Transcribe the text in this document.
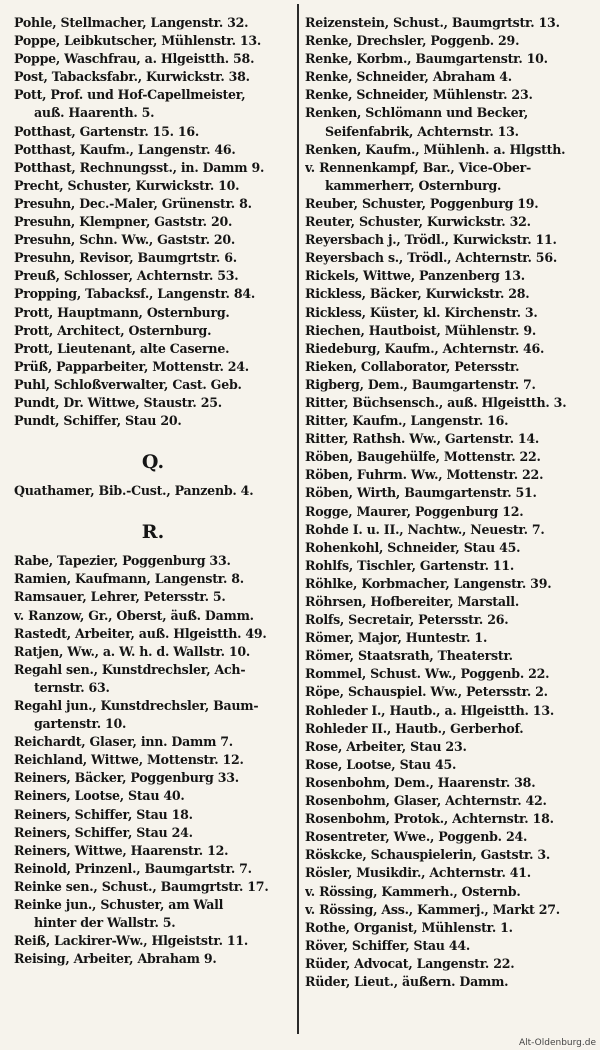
Pohle, Stellmacher, Langenstr. 32.
Poppe, Leibkutscher, Mühlenstr. 13.
Poppe, Waschfrau, a. Hlgeistth. 58.
Post, Tabacksfabr., Kurwickstr. 38.
Pott, Prof. und Hof-Capellmeister,
auß. Haarenth. 5.
Potthast, Gartenstr. 15. 16.
Potthast, Kaufm., Langenstr. 46.
Potthast, Rechnungsst., in. Damm 9.
Precht, Schuster, Kurwickstr. 10.
Presuhn, Dec.-Maler, Grünenstr. 8.
Presuhn, Klempner, Gaststr. 20.
Presuhn, Schn. Ww., Gaststr. 20.
Presuhn, Revisor, Baumgrtstr. 6.
Preuß, Schlosser, Achternstr. 53.
Propping, Tabacksf., Langenstr. 84.
Prott, Hauptmann, Osternburg.
Prott, Architect, Osternburg.
Prott, Lieutenant, alte Caserne.
Prüß, Papparbeiter, Mottenstr. 24.
Puhl, Schloßverwalter, Cast. Geb.
Pundt, Dr. Wittwe, Staustr. 25.
Pundt, Schiffer, Stau 20.
Q.
Quathamer, Bib.-Cust., Panzenb. 4.
R.
Rabe, Tapezier, Poggenburg 33.
Ramien, Kaufmann, Langenstr. 8.
Ramsauer, Lehrer, Petersstr. 5.
v. Ranzow, Gr., Oberst, äuß. Damm.
Rastedt, Arbeiter, auß. Hlgeistth. 49.
Ratjen, Ww., a. W. h. d. Wallstr. 10.
Regahl sen., Kunstdrechsler, Ach-
ternstr. 63.
Regahl jun., Kunstdrechsler, Baum-
gartenstr. 10.
Reichardt, Glaser, inn. Damm 7.
Reichland, Wittwe, Mottenstr. 12.
Reiners, Bäcker, Poggenburg 33.
Reiners, Lootse, Stau 40.
Reiners, Schiffer, Stau 18.
Reiners, Schiffer, Stau 24.
Reiners, Wittwe, Haarenstr. 12.
Reinold, Prinzenl., Baumgartstr. 7.
Reinke sen., Schust., Baumgrtstr. 17.
Reinke jun., Schuster, am Wall
hinter der Wallstr. 5.
Reiß, Lackirer-Ww., Hlgeiststr. 11.
Reising, Arbeiter, Abraham 9.
Reizenstein, Schust., Baumgrtstr. 13.
Renke, Drechsler, Poggenb. 29.
Renke, Korbm., Baumgartenstr. 10.
Renke, Schneider, Abraham 4.
Renke, Schneider, Mühlenstr. 23.
Renken, Schlömann und Becker,
Seifenfabrik, Achternstr. 13.
Renken, Kaufm., Mühlenh. a. Hlgstth.
v. Rennenkampf, Bar., Vice-Ober-
kammerherr, Osternburg.
Reuber, Schuster, Poggenburg 19.
Reuter, Schuster, Kurwickstr. 32.
Reyersbach j., Trödl., Kurwickstr. 11.
Reyersbach s., Trödl., Achternstr. 56.
Rickels, Wittwe, Panzenberg 13.
Rickless, Bäcker, Kurwickstr. 28.
Rickless, Küster, kl. Kirchenstr. 3.
Riechen, Hautboist, Mühlenstr. 9.
Riedeburg, Kaufm., Achternstr. 46.
Rieken, Collaborator, Petersstr.
Rigberg, Dem., Baumgartenstr. 7.
Ritter, Büchsensch., auß. Hlgeistth. 3.
Ritter, Kaufm., Langenstr. 16.
Ritter, Rathsh. Ww., Gartenstr. 14.
Röben, Baugehülfe, Mottenstr. 22.
Röben, Fuhrm. Ww., Mottenstr. 22.
Röben, Wirth, Baumgartenstr. 51.
Rogge, Maurer, Poggenburg 12.
Rohde I. u. II., Nachtw., Neuestr. 7.
Rohenkohl, Schneider, Stau 45.
Rohlfs, Tischler, Gartenstr. 11.
Röhlke, Korbmacher, Langenstr. 39.
Röhrsen, Hofbereiter, Marstall.
Rolfs, Secretair, Petersstr. 26.
Römer, Major, Huntestr. 1.
Römer, Staatsrath, Theaterstr.
Rommel, Schust. Ww., Poggenb. 22.
Röpe, Schauspiel. Ww., Petersstr. 2.
Rohleder I., Hautb., a. Hlgeistth. 13.
Rohleder II., Hautb., Gerberhof.
Rose, Arbeiter, Stau 23.
Rose, Lootse, Stau 45.
Rosenbohm, Dem., Haarenstr. 38.
Rosenbohm, Glaser, Achternstr. 42.
Rosenbohm, Protok., Achternstr. 18.
Rosentreter, Wwe., Poggenb. 24.
Röskcke, Schauspielerin, Gaststr. 3.
Rösler, Musikdir., Achternstr. 41.
v. Rössing, Kammerh., Osternb.
v. Rössing, Ass., Kammerj., Markt 27.
Rothe, Organist, Mühlenstr. 1.
Röver, Schiffer, Stau 44.
Rüder, Advocat, Langenstr. 22.
Rüder, Lieut., äußern. Damm.
Alt-Oldenburg.de
